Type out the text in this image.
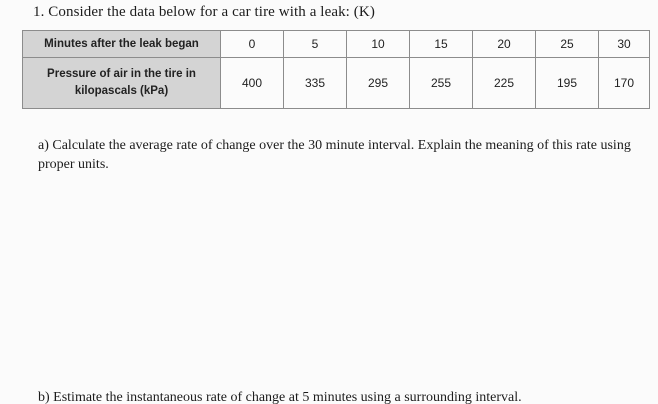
1. Consider the data below for a car tire with a leak: (K)
Minutes after the leak began	0	5	10	15	20	25	30
Pressure of air in the tire in
kilopascals (kPa)	400	335	295	255	225	195	170
a) Calculate the average rate of change over the 30 minute interval. Explain the meaning of this rate using proper units.
b) Estimate the instantaneous rate of change at 5 minutes using a surrounding interval.
